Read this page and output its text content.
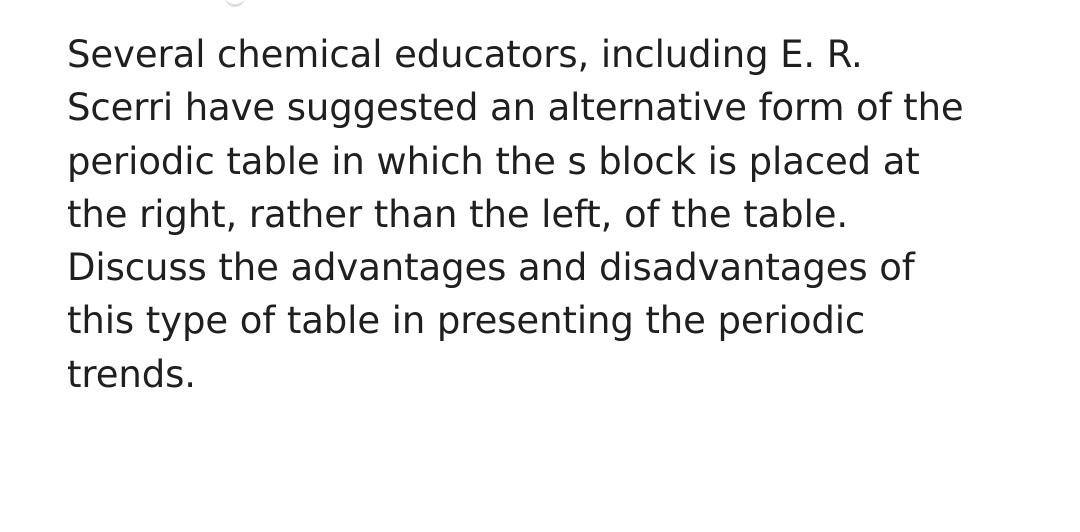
Several chemical educators, including E. R.
Scerri have suggested an alternative form of the
periodic table in which the s block is placed at
the right, rather than the left, of the table.
Discuss the advantages and disadvantages of
this type of table in presenting the periodic
trends.
